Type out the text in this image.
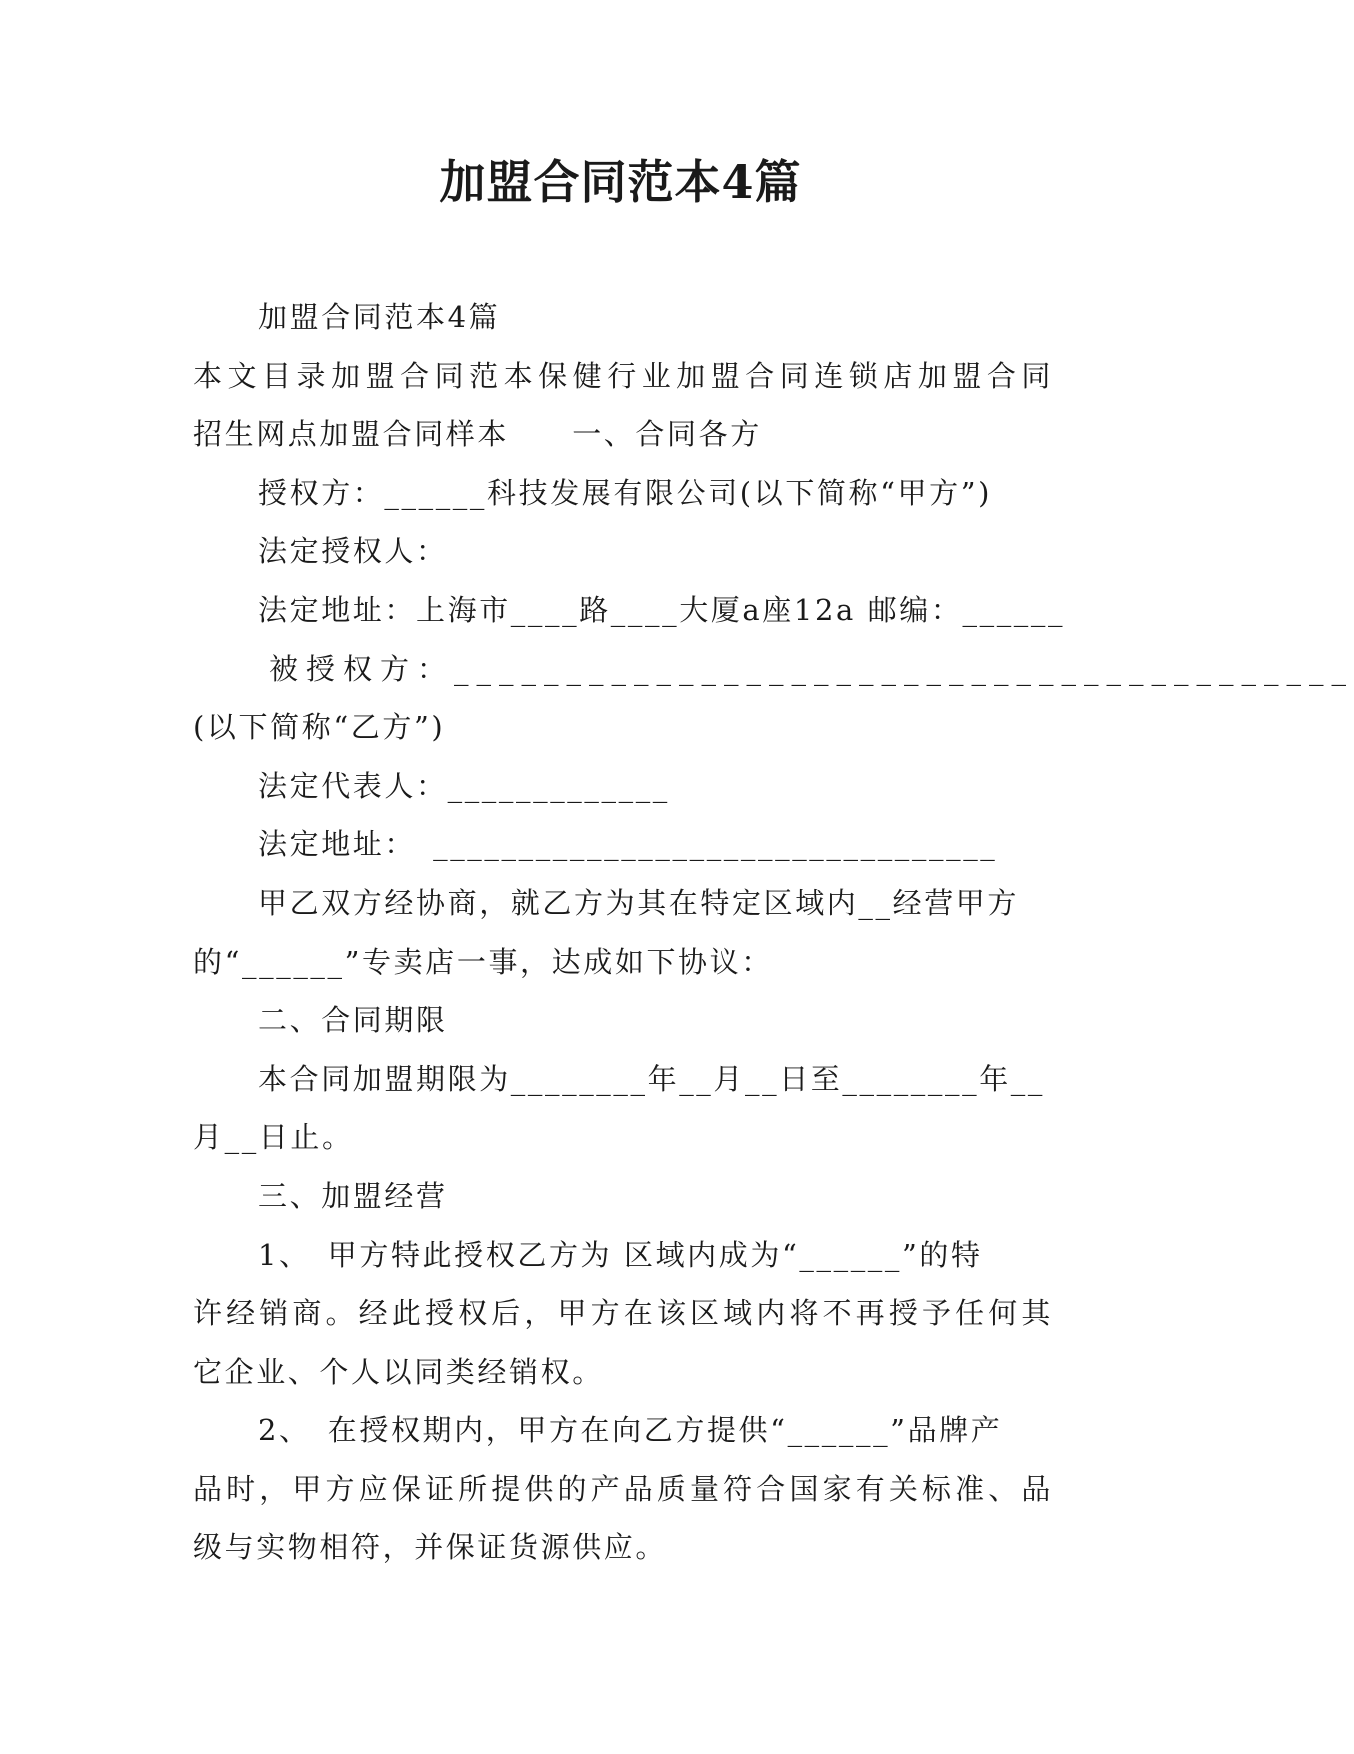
加盟合同范本4篇

加盟合同范本4篇

本文目录加盟合同范本保健行业加盟合同连锁店加盟合同

招生网点加盟合同样本　　一、合同各方

授权方：______科技发展有限公司(以下简称“甲方”)

法定授权人：

法定地址：上海市____路____大厦a座12a 邮编：______

被授权方：________________________________________

(以下简称“乙方”)

法定代表人：_____________

法定地址：　_________________________________

甲乙双方经协商，就乙方为其在特定区域内__经营甲方

的“______”专卖店一事，达成如下协议：

二、合同期限

本合同加盟期限为________年__月__日至________年__

月__日止。

三、加盟经营

1、　甲方特此授权乙方为 区域内成为“______”的特

许经销商。经此授权后，甲方在该区域内将不再授予任何其

它企业、个人以同类经销权。

2、　在授权期内，甲方在向乙方提供“______”品牌产

品时，甲方应保证所提供的产品质量符合国家有关标准、品

级与实物相符，并保证货源供应。
